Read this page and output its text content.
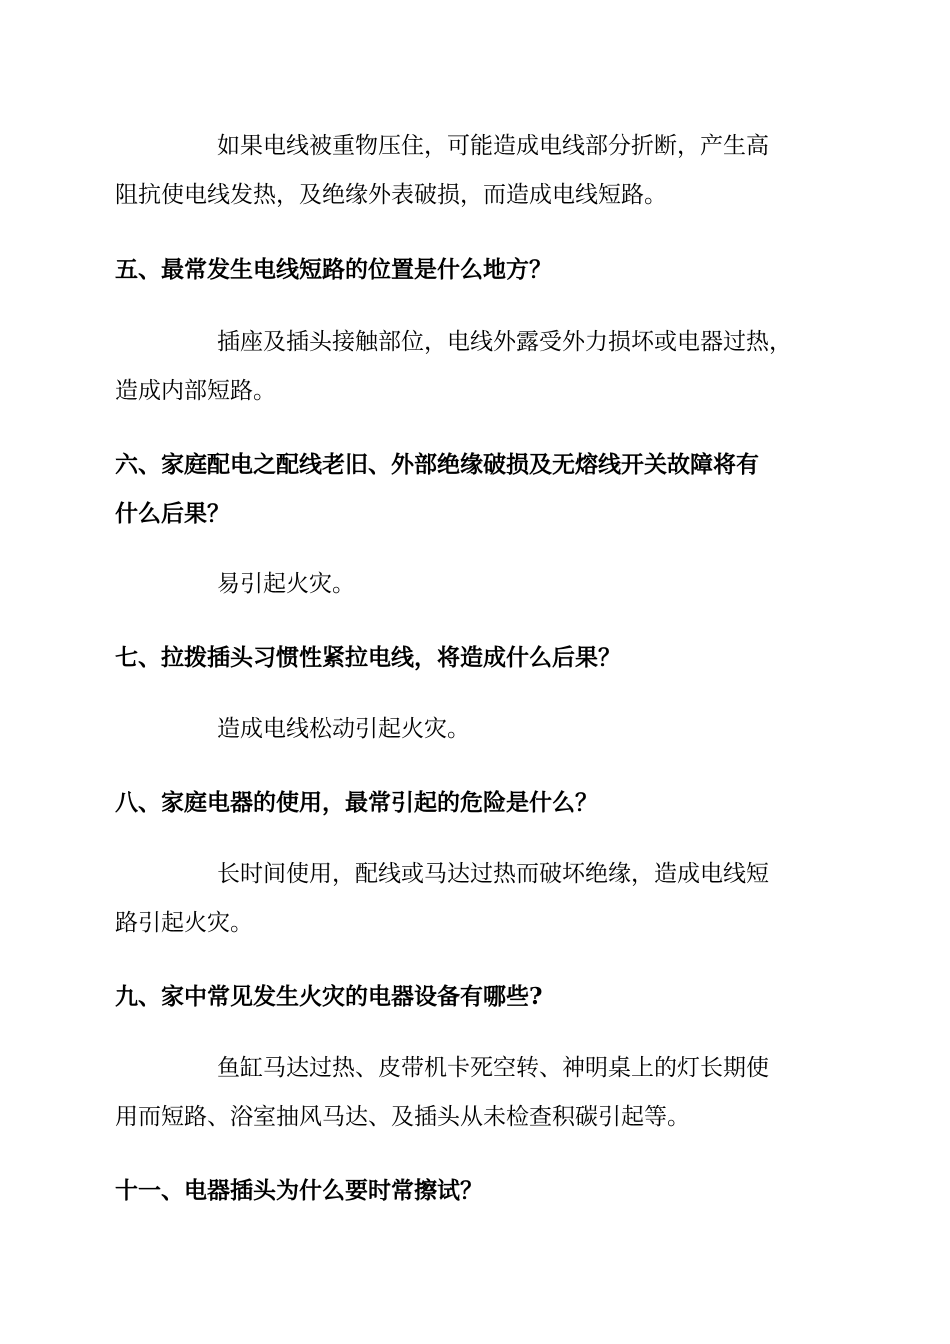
如果电线被重物压住，可能造成电线部分折断，产生高
阻抗使电线发热，及绝缘外表破损，而造成电线短路。

五、最常发生电线短路的位置是什么地方？

插座及插头接触部位，电线外露受外力损坏或电器过热，
造成内部短路。

六、家庭配电之配线老旧、外部绝缘破损及无熔线开关故障将有
什么后果？

易引起火灾。

七、拉拨插头习惯性紧拉电线，将造成什么后果？

造成电线松动引起火灾。

八、家庭电器的使用，最常引起的危险是什么？

长时间使用，配线或马达过热而破坏绝缘，造成电线短
路引起火灾。

九、家中常见发生火灾的电器设备有哪些?

鱼缸马达过热、皮带机卡死空转、神明桌上的灯长期使
用而短路、浴室抽风马达、及插头从未检查积碳引起等。

十一、电器插头为什么要时常擦试？
